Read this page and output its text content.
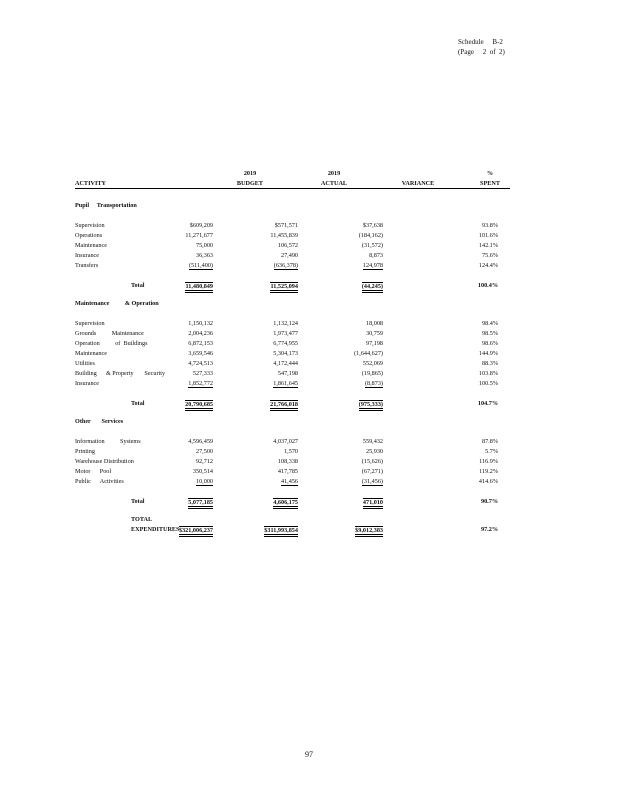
Schedule     B-2
(Page     2  of  2)
2019	2019	%
ACTIVITY	BUDGET	ACTUAL	VARIANCE	SPENT
Pupil     Transportation
Supervision	$609,209	$571,571	$37,638	93.8%
Operations	11,271,677	11,455,839	(184,162)	101.6%
Maintenance	75,000	106,572	(31,572)	142.1%
Insurance	36,363	27,490	8,873	75.6%
Transfers	(511,400)	(636,378)	124,978	124.4%
Total	11,480,849	11,525,094	(44,245)	100.4%
Maintenance          & Operation
Supervision	1,150,132	1,132,124	18,008	98.4%
Grounds          Maintenance	2,004,236	1,973,477	30,759	98.5%
Operation          of  Buildings	6,872,153	6,774,955	97,198	98.6%
Maintenance	3,659,546	5,304,173	(1,644,627)	144.9%
Utilities	4,724,513	4,172,444	552,069	88.3%
Building      & Property       Security	527,333	547,198	(19,865)	103.8%
Insurance	1,852,772	1,861,645	(8,873)	100.5%
Total	20,790,685	21,766,018	(975,333)	104.7%
Other       Services
Information          Systems	4,596,459	4,037,027	559,432	87.8%
Printing	27,500	1,570	25,930	5.7%
Warehouse Distribution	92,712	108,338	(15,626)	116.9%
Motor      Pool	350,514	417,785	(67,271)	119.2%
Public      Activities	10,000	41,456	(31,456)	414.6%
Total	5,077,185	4,606,175	471,010	90.7%
TOTAL
EXPENDITURES $321,006,237	$311,993,854	$9,012,383	97.2%
97
